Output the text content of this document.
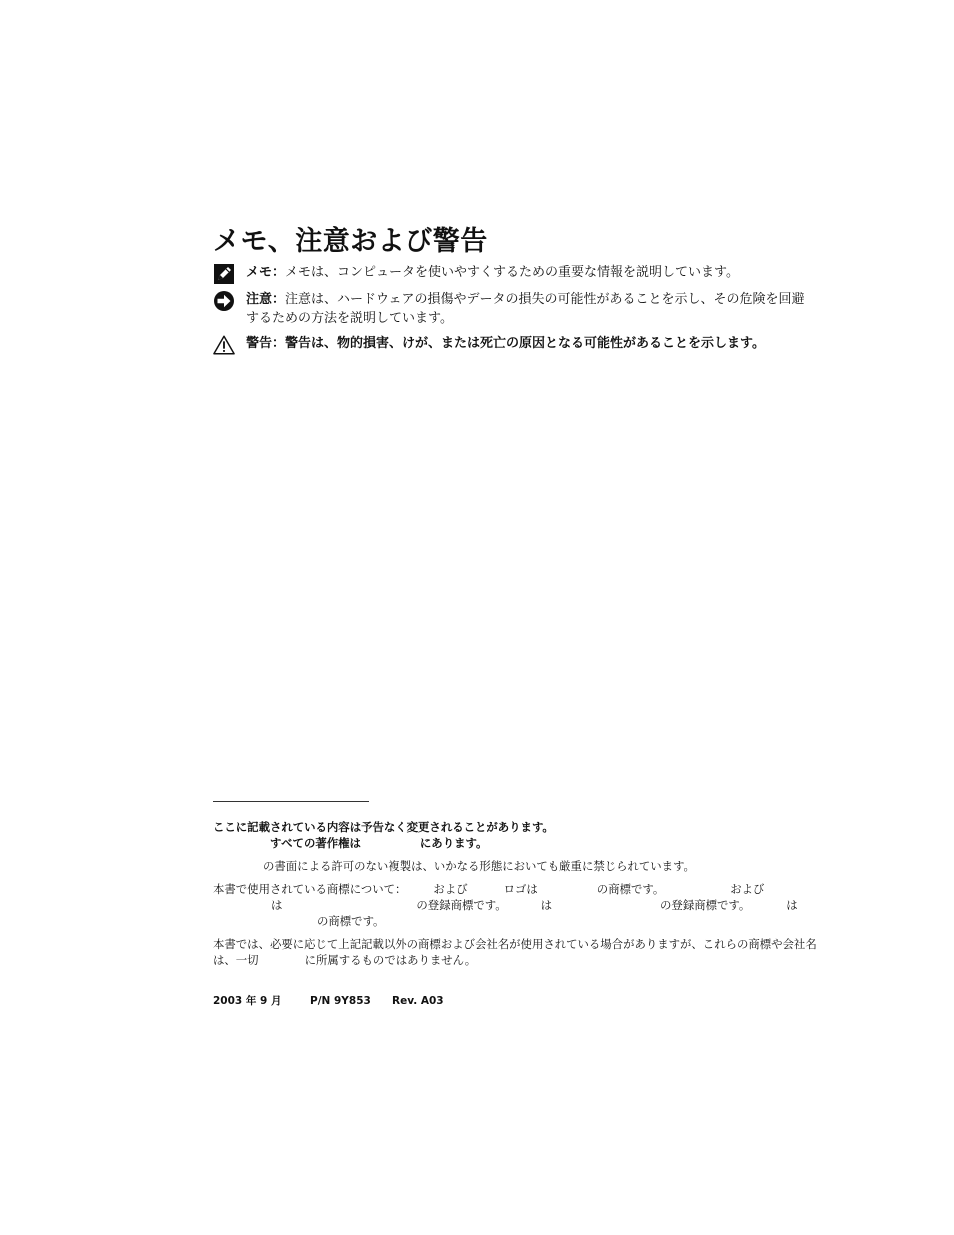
メモ、注意および警告
メモ：メモは、コンピュータを使いやすくするための重要な情報を説明しています。
注意：注意は、ハードウェアの損傷やデータの損失の可能性があることを示し、その危険を回避するための方法を説明しています。
警告：警告は、物的損害、けが、または死亡の原因となる可能性があることを示します。
ここに記載されている内容は予告なく変更されることがあります。
すべての著作権は	にあります。
の書面による許可のない複製は、いかなる形態においても厳重に禁じられています。
本書で使用されている商標について： および	ロゴは	の商標です。	および
は	の登録商標です。	は	の登録商標です。	は
の商標です。
本書では、必要に応じて上記記載以外の商標および会社名が使用されている場合がありますが、これらの商標や会社名は、一切	に所属するものではありません。
2003 年 9 月	P/N 9Y853 Rev. A03
